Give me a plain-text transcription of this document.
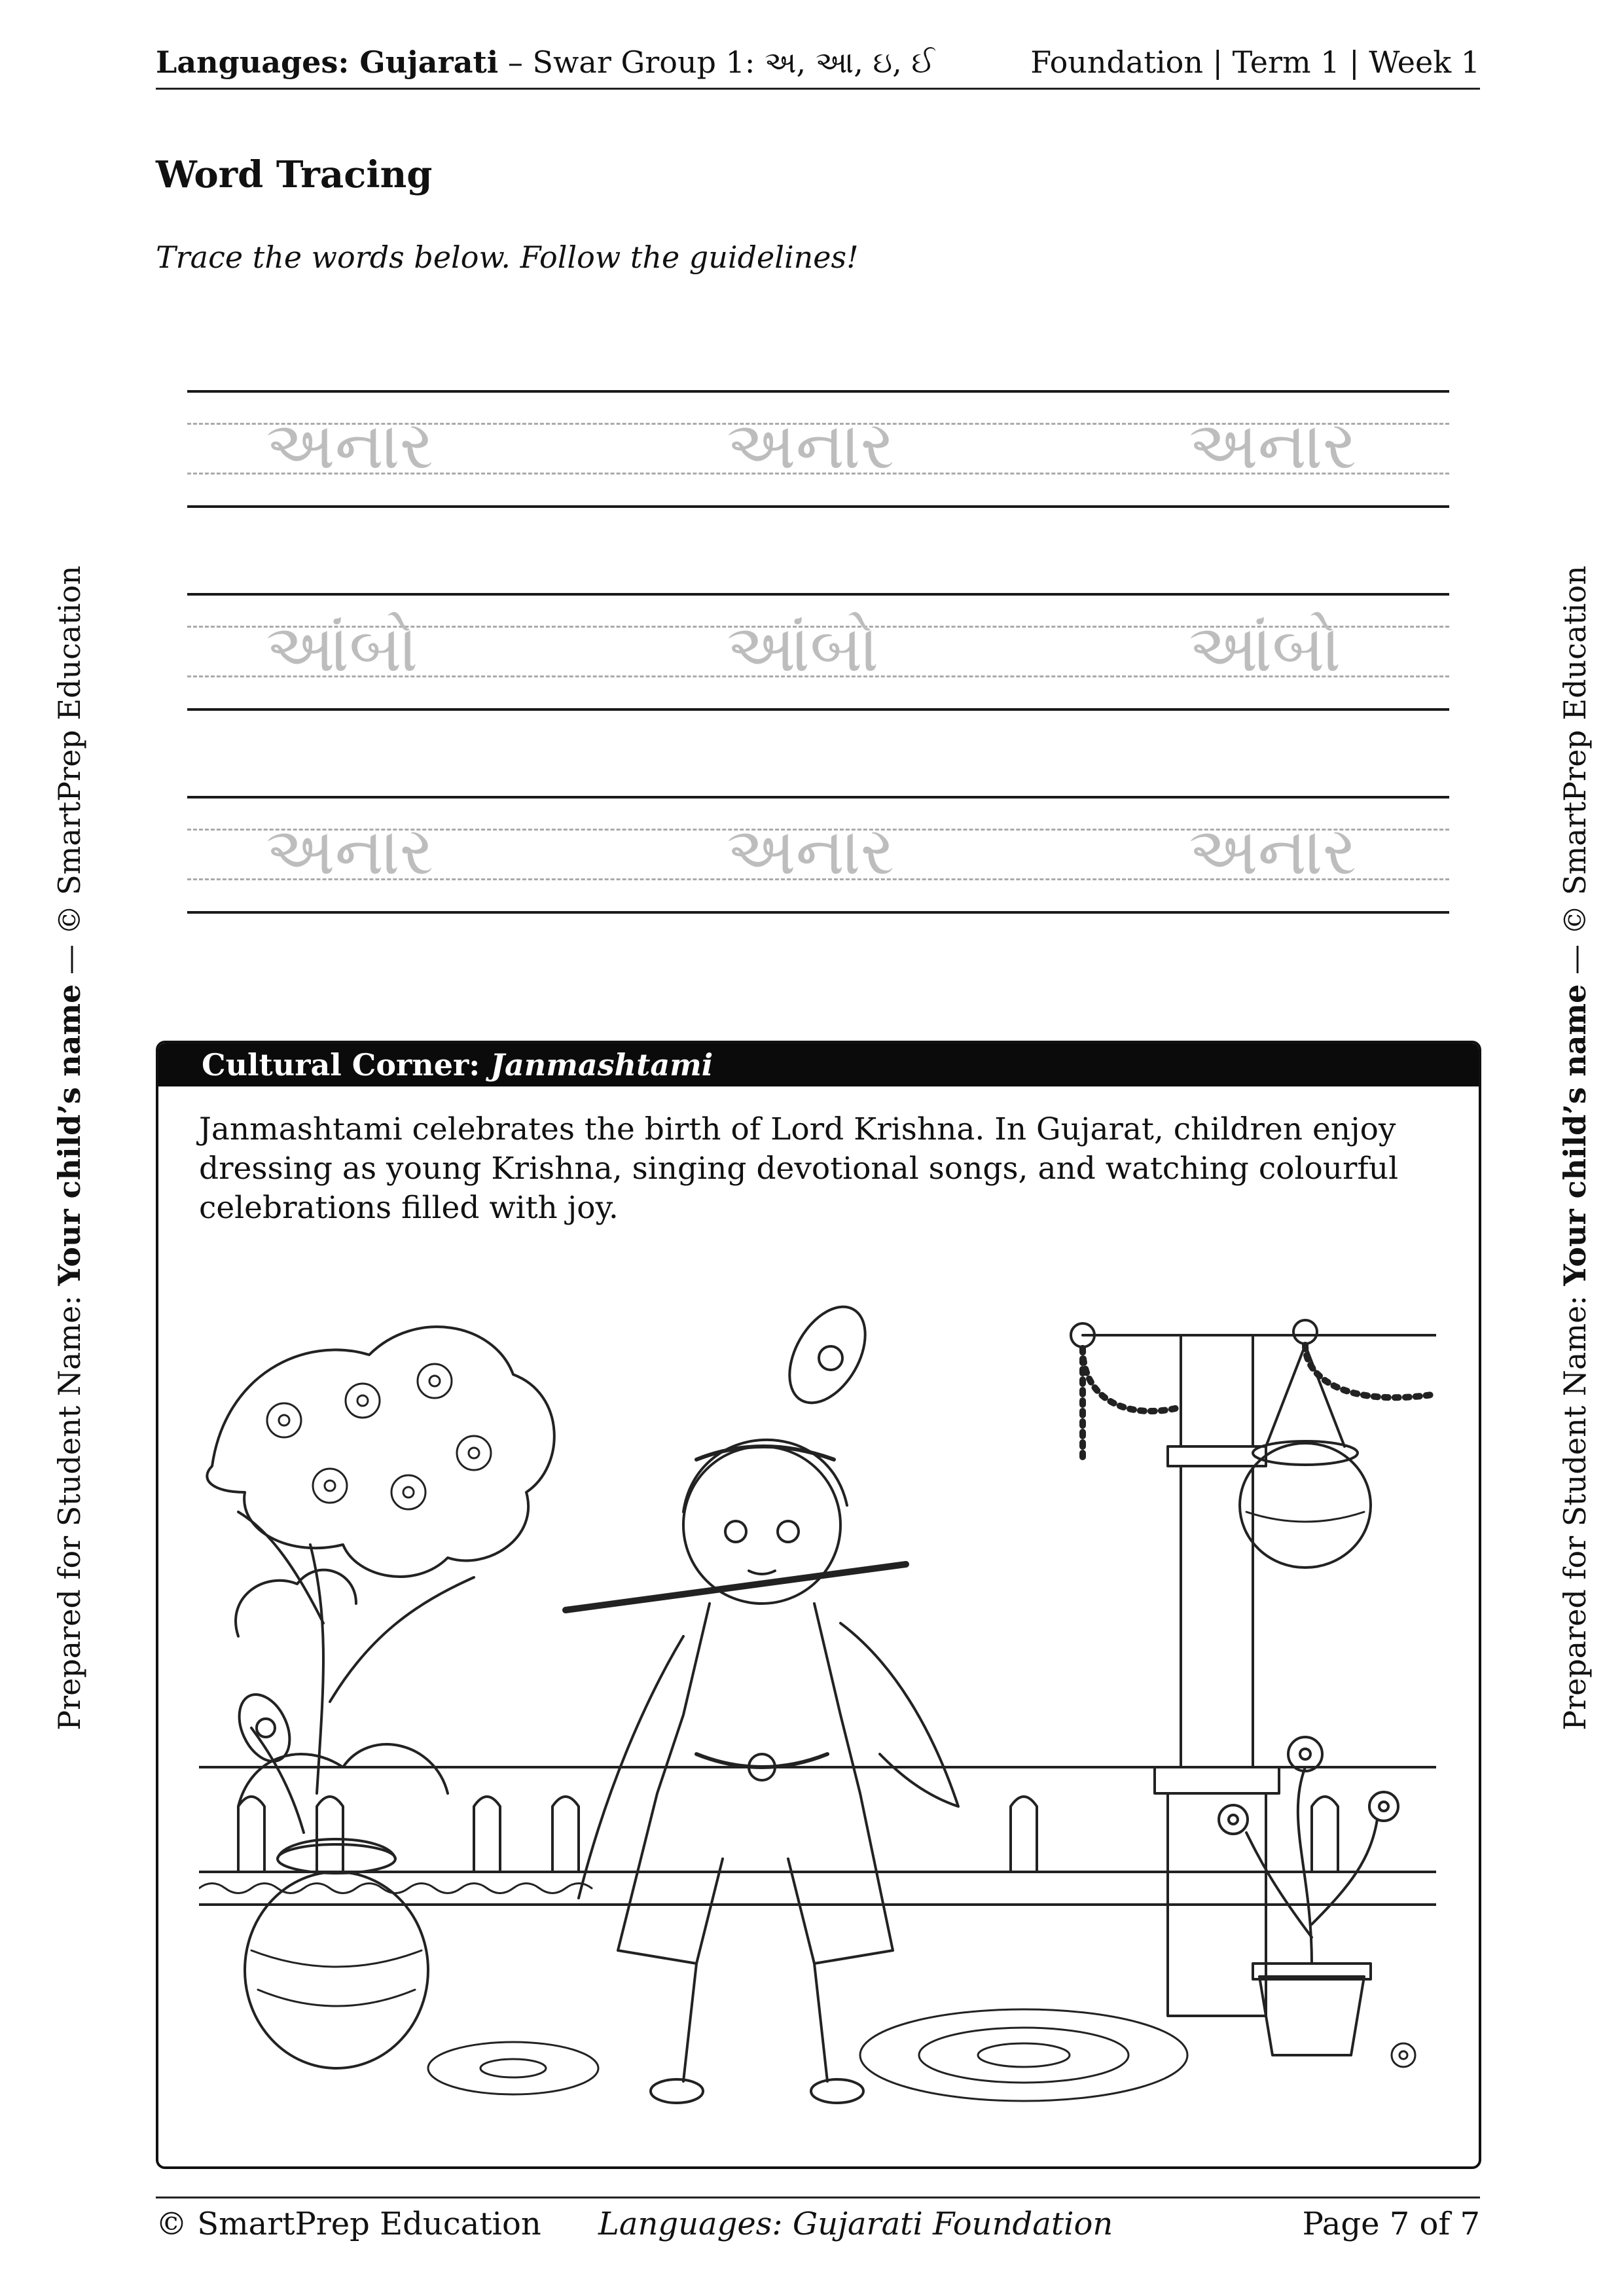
Languages: Gujarati – Swar Group 1: અ, આ, ઇ, ઈ	Foundation | Term 1 | Week 1
Word Tracing
Trace the words below. Follow the guidelines!
અનાર	અનાર	અનાર
આંબો	આંબો	આંબો
અનાર	અનાર	અનાર
Cultural Corner: Janmashtami
Janmashtami celebrates the birth of Lord Krishna. In Gujarat, children enjoy dressing as young Krishna, singing devotional songs, and watching colourful celebrations filled with joy.
Prepared for Student Name: Your child’s name — © SmartPrep Education
Prepared for Student Name: Your child’s name — © SmartPrep Education
© SmartPrep Education Languages: Gujarati Foundation	Page 7 of 7
